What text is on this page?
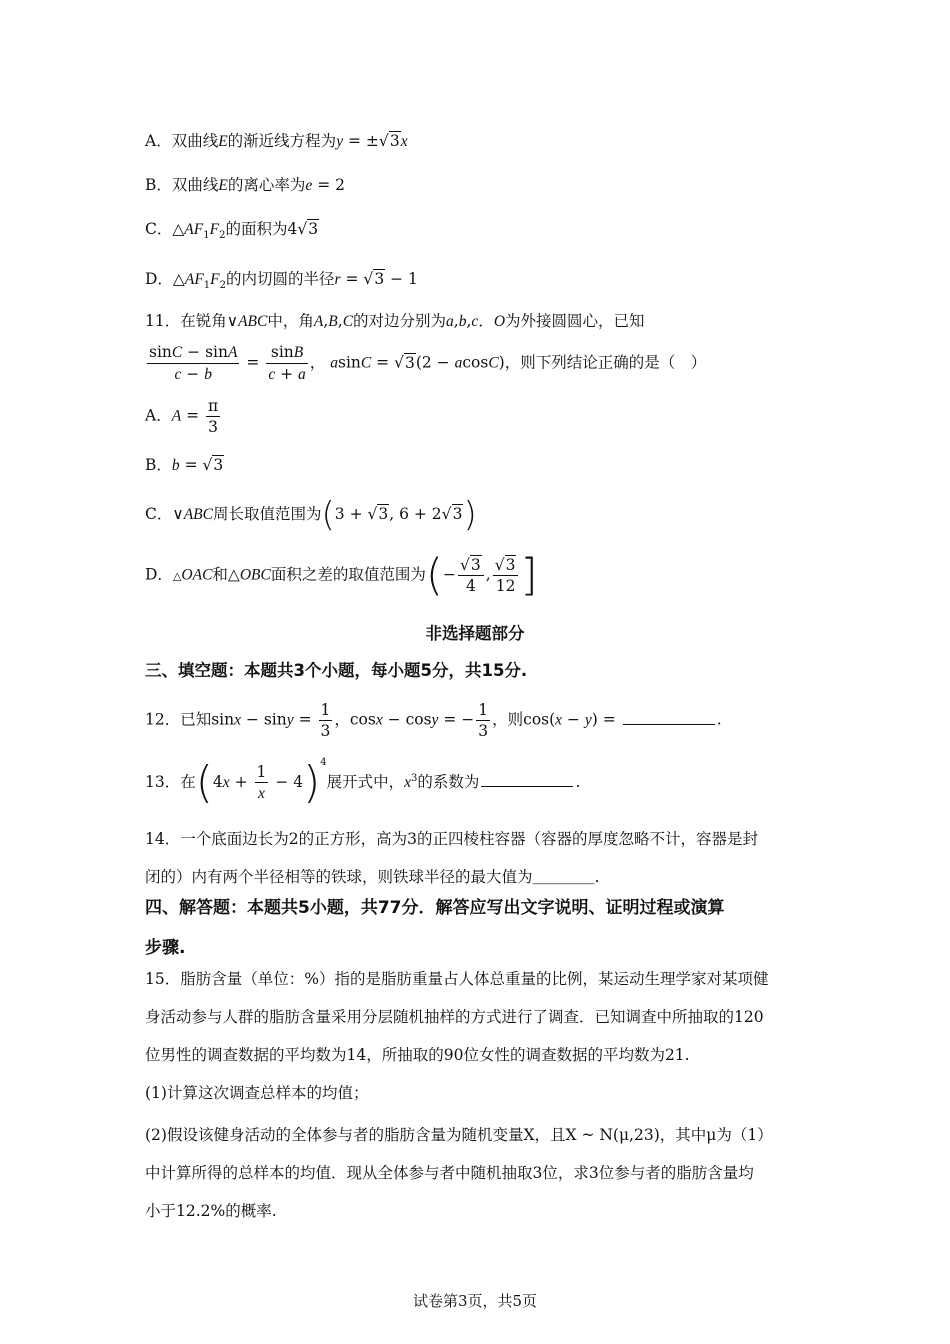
A．双曲线E的渐近线方程为y = ±√3x
B．双曲线E的离心率为e = 2
C．$\triangle AF_1F_2$的面积为4√3
D．$\triangle AF_1F_2$的内切圆的半径r = √3 − 1
11．在锐角∨ABC中，角A,B,C的对边分别为a,b,c．O为外接圆圆心，已知
$\frac{\sin C - \sin A}{c - b} = \frac{\sin B}{c + a}$ ， asinC = √3(2 − acosC)，则下列结论正确的是（　）
A．$A = \frac{\pi}{3}$
B．b = √3
C．∨ABC周长取值范围为(3 + √3, 6 + 2√3)
D．△OAC和△OBC面积之差的取值范围为(− $\frac{√3}{4}$ , $\frac{√3}{12}$ ]
非选择题部分
三、填空题：本题共3个小题，每小题5分，共15分.
12．已知$\sin x - \sin y = \frac{1}{3}$ ，cosx − cosy = − $\frac{1}{3}$ ，则cos(x − y) =	.
13．在$(4x + \frac{1}{x} - 4)^4$展开式中，$x^3$的系数为	.
14．一个底面边长为2的正方形，高为3的正四棱柱容器（容器的厚度忽略不计，容器是封
闭的）内有两个半径相等的铁球，则铁球半径的最大值为＿＿＿＿.
四、解答题：本题共5小题，共77分．解答应写出文字说明、证明过程或演算
步骤.
15．脂肪含量（单位：%）指的是脂肪重量占人体总重量的比例，某运动生理学家对某项健
身活动参与人群的脂肪含量采用分层随机抽样的方式进行了调查．已知调查中所抽取的120
位男性的调查数据的平均数为14，所抽取的90位女性的调查数据的平均数为21.
(1)计算这次调查总样本的均值；
(2)假设该健身活动的全体参与者的脂肪含量为随机变量X，且X ~ N(μ,23)，其中μ为（1）
中计算所得的总样本的均值．现从全体参与者中随机抽取3位，求3位参与者的脂肪含量均
小于12.2%的概率.
试卷第3页，共5页
